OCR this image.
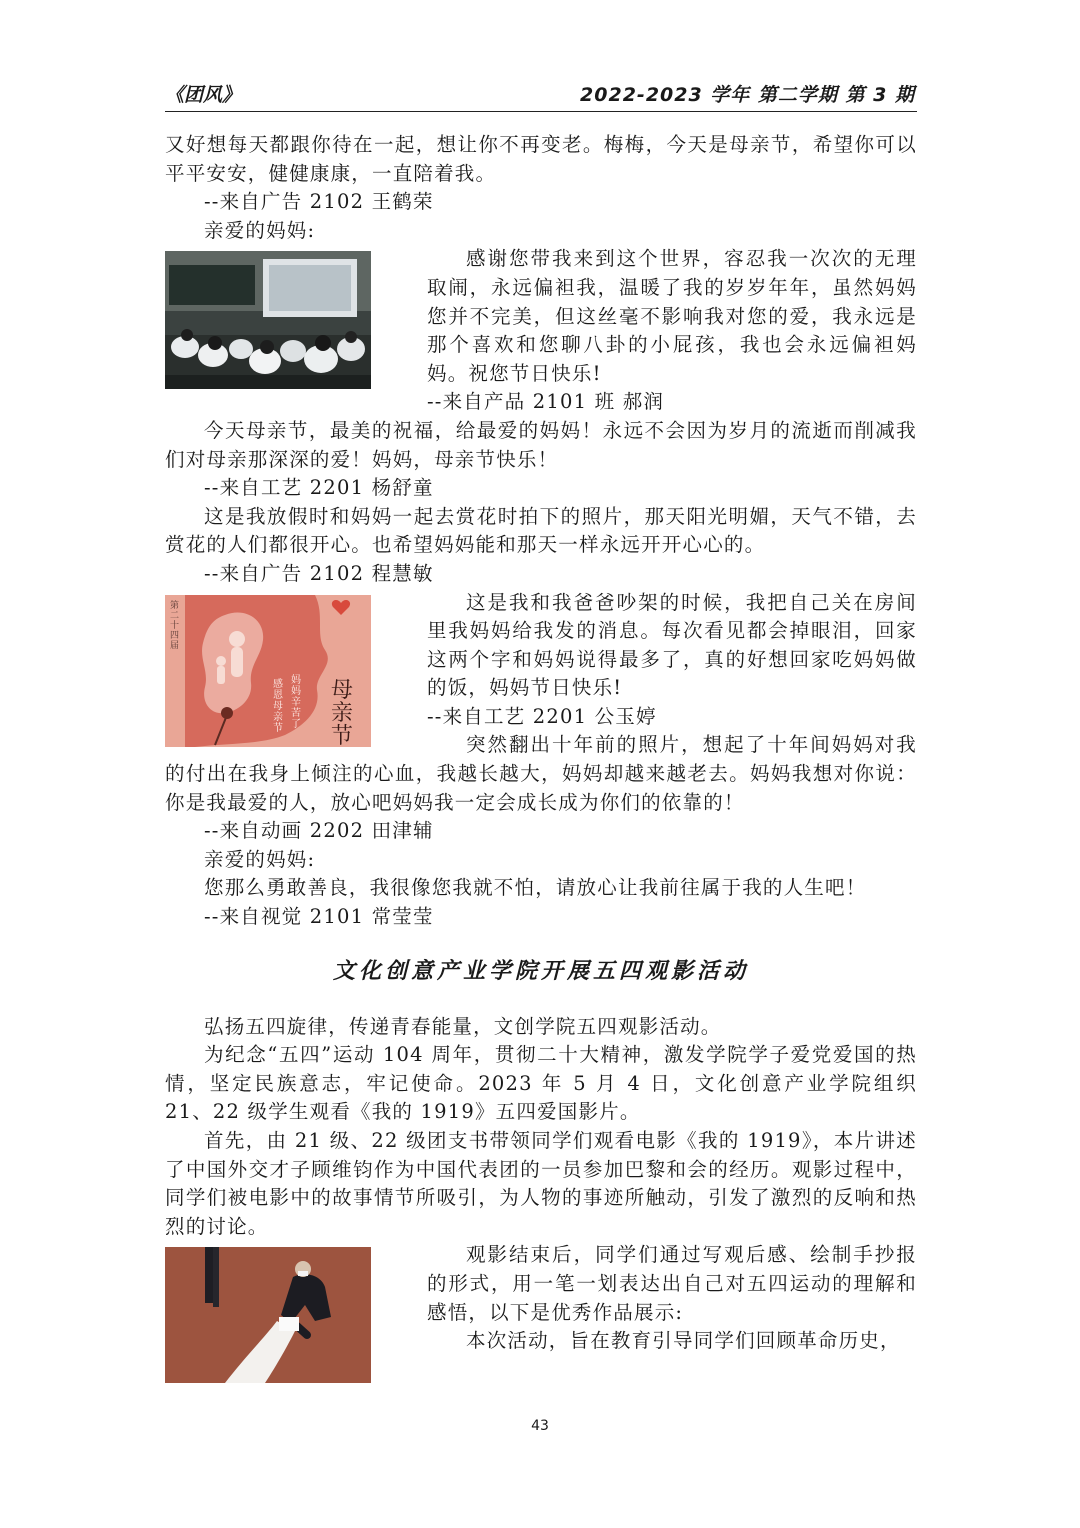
《团风》	2022-2023 学年 第二学期 第 3 期

又好想每天都跟你待在一起，想让你不再变老。梅梅，今天是母亲节，希望你可以平平安安，健健康康，一直陪着我。

--来自广告 2102 王鹤荣

亲爱的妈妈:

感谢您带我来到这个世界，容忍我一次次的无理取闹，永远偏袒我，温暖了我的岁岁年年，虽然妈妈您并不完美，但这丝毫不影响我对您的爱，我永远是那个喜欢和您聊八卦的小屁孩，我也会永远偏袒妈妈。祝您节日快乐!

--来自产品 2101 班 郝润

今天母亲节，最美的祝福，给最爱的妈妈！永远不会因为岁月的流逝而削减我们对母亲那深深的爱！妈妈，母亲节快乐！

--来自工艺 2201 杨舒童

这是我放假时和妈妈一起去赏花时拍下的照片，那天阳光明媚，天气不错，去赏花的人们都很开心。也希望妈妈能和那天一样永远开开心心的。

--来自广告 2102 程慧敏

第二十四届
感恩母亲节
妈妈辛苦了
母亲节

这是我和我爸爸吵架的时候，我把自己关在房间里我妈妈给我发的消息。每次看见都会掉眼泪，回家这两个字和妈妈说得最多了，真的好想回家吃妈妈做的饭，妈妈节日快乐!

--来自工艺 2201 公玉婷

突然翻出十年前的照片，想起了十年间妈妈对我的付出在我身上倾注的心血，我越长越大，妈妈却越来越老去。妈妈我想对你说：你是我最爱的人，放心吧妈妈我一定会成长成为你们的依靠的！

--来自动画 2202 田津辅

亲爱的妈妈:

您那么勇敢善良，我很像您我就不怕，请放心让我前往属于我的人生吧！

--来自视觉 2101 常莹莹

文化创意产业学院开展五四观影活动

弘扬五四旋律，传递青春能量，文创学院五四观影活动。

为纪念“五四”运动 104 周年，贯彻二十大精神，激发学院学子爱党爱国的热情，坚定民族意志，牢记使命。2023 年 5 月 4 日，文化创意产业学院组织 21、22 级学生观看《我的 1919》五四爱国影片。

首先，由 21 级、22 级团支书带领同学们观看电影《我的 1919》，本片讲述了中国外交才子顾维钧作为中国代表团的一员参加巴黎和会的经历。观影过程中，同学们被电影中的故事情节所吸引，为人物的事迹所触动，引发了激烈的反响和热烈的讨论。

观影结束后，同学们通过写观后感、绘制手抄报的形式，用一笔一划表达出自己对五四运动的理解和感悟，以下是优秀作品展示:

本次活动，旨在教育引导同学们回顾革命历史，

43
